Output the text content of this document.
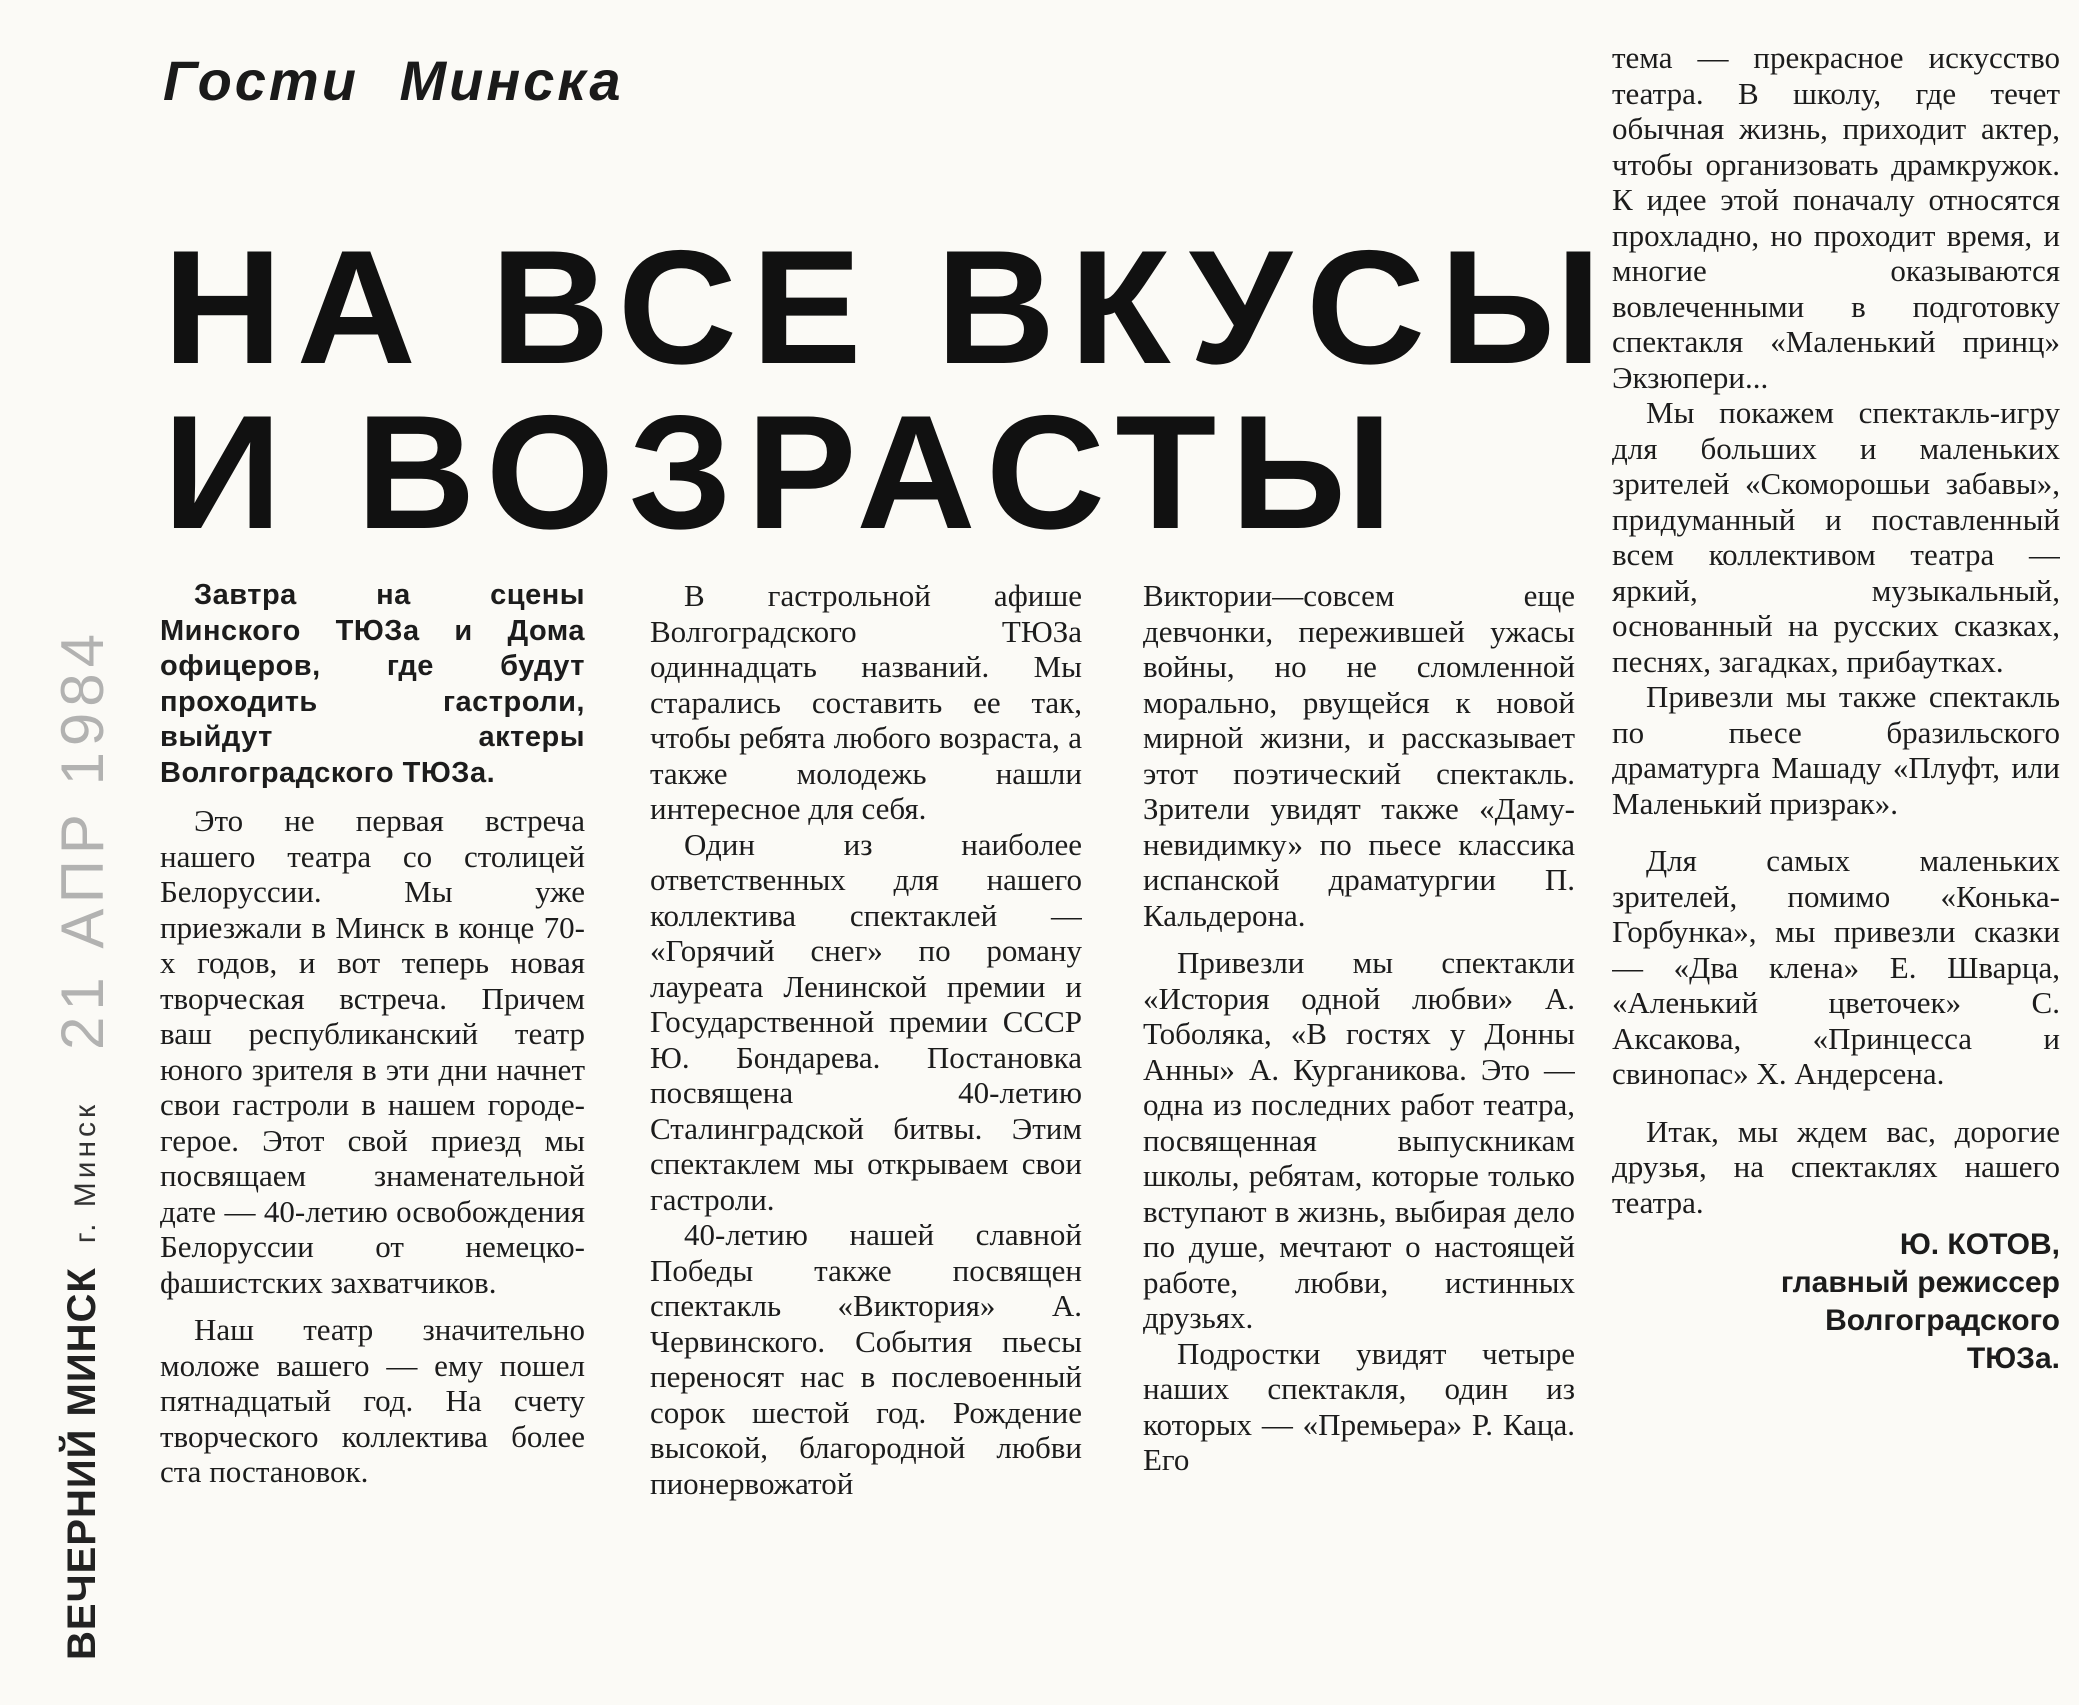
Гости Минска
НА ВСЕ ВКУСЫ
И ВОЗРАСТЫ
21 АПР 1984
ВЕЧЕРНИЙ МИНСКг. Минск

Завтра на сцены Минского ТЮЗа и Дома офицеров, где будут проходить гастроли, выйдут актеры Волгоградского ТЮЗа.

Это не первая встреча нашего театра со столицей Белоруссии. Мы уже приезжали в Минск в конце 70-х годов, и вот теперь новая творческая встреча. Причем ваш республиканский театр юного зрителя в эти дни начнет свои гастроли в нашем городе-герое. Этот свой приезд мы посвящаем знаменательной дате — 40-летию освобождения Белоруссии от немецко-фашистских захватчиков.

Наш театр значительно моложе вашего — ему пошел пятнадцатый год. На счету творческого коллектива более ста постановок.

В гастрольной афише Волгоградского ТЮЗа одиннадцать названий. Мы старались составить ее так, чтобы ребята любого возраста, а также молодежь нашли интересное для себя.

Один из наиболее ответственных для нашего коллектива спектаклей — «Горячий снег» по роману лауреата Ленинской премии и Государственной премии СССР Ю. Бондарева. Постановка посвящена 40-летию Сталинградской битвы. Этим спектаклем мы открываем свои гастроли.

40-летию нашей славной Победы также посвящен спектакль «Виктория» А. Червинского. События пьесы переносят нас в послевоенный сорок шестой год. Рождение высокой, благородной любви пионервожатой

Виктории—совсем еще девчонки, пережившей ужасы войны, но не сломленной морально, рвущейся к новой мирной жизни, и рассказывает этот поэтический спектакль. Зрители увидят также «Даму-невидимку» по пьесе классика испанской драматургии П. Кальдерона.

Привезли мы спектакли «История одной любви» А. Тоболяка, «В гостях у Донны Анны» А. Курганикова. Это — одна из последних работ театра, посвященная выпускникам школы, ребятам, которые только вступают в жизнь, выбирая дело по душе, мечтают о настоящей работе, любви, истинных друзьях.

Подростки увидят четыре наших спектакля, один из которых — «Премьера» Р. Каца. Его

тема — прекрасное искусство театра. В школу, где течет обычная жизнь, приходит актер, чтобы организовать драмкружок. К идее этой поначалу относятся прохладно, но проходит время, и многие оказываются вовлеченными в подготовку спектакля «Маленький принц» Экзюпери...

Мы покажем спектакль-игру для больших и маленьких зрителей «Скоморошьи забавы», придуманный и поставленный всем коллективом театра — яркий, музыкальный, основанный на русских сказках, песнях, загадках, прибаутках.

Привезли мы также спектакль по пьесе бразильского драматурга Машаду «Плуфт, или Маленький призрак».

Для самых маленьких зрителей, помимо «Конька-Горбунка», мы привезли сказки — «Два клена» Е. Шварца, «Аленький цветочек» С. Аксакова, «Принцесса и свинопас» Х. Андерсена.

Итак, мы ждем вас, дорогие друзья, на спектаклях нашего театра.

Ю. КОТОВ,
главный режиссер
Волгоградского
ТЮЗа.
